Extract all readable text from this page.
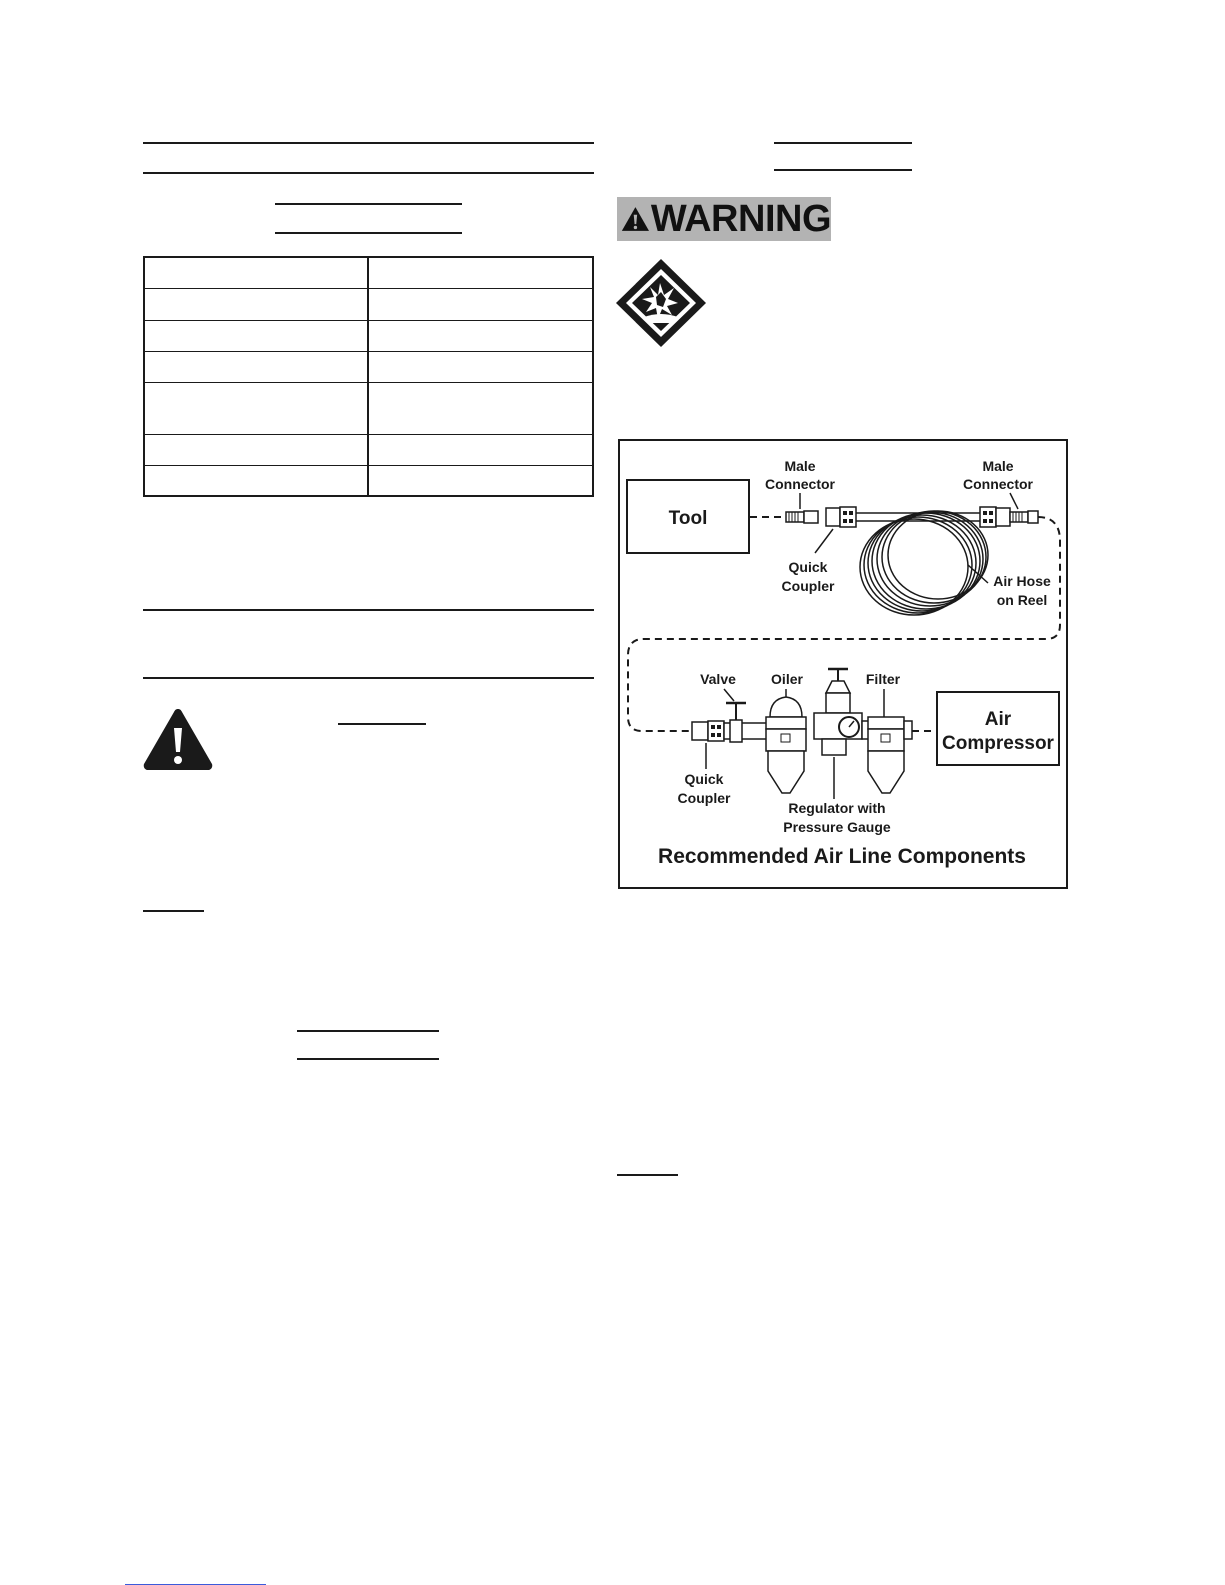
WARNING
Tool
Male
Connector
Quick
Coupler
Male
Connector
Air Hose
on Reel
Quick
Coupler
Valve	Oiler
Regulator with
Pressure Gauge
Filter
Air
Compressor
Recommended Air Line Components
